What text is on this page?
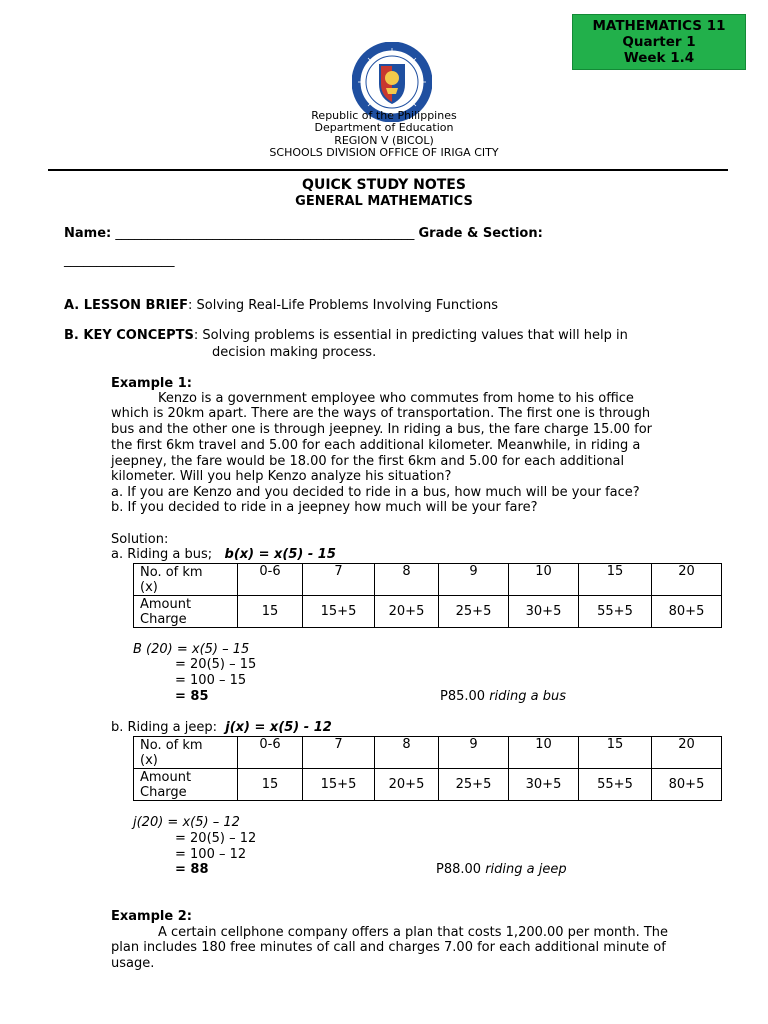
MATHEMATICS 11
Quarter 1
Week 1.4
Republic of the Philippines
Department of Education
REGION V (BICOL)
SCHOOLS DIVISION OFFICE OF IRIGA CITY
QUICK STUDY NOTES
GENERAL MATHEMATICS
Name: ______________________________________________ Grade & Section:
_________________
A. LESSON BRIEF: Solving Real-Life Problems Involving Functions
B. KEY CONCEPTS: Solving problems is essential in predicting values that will help in
decision making process.
Example 1:
Kenzo is a government employee who commutes from home to his office
which is 20km apart. There are the ways of transportation. The first one is through
bus and the other one is through jeepney. In riding a bus, the fare charge 15.00 for
the first 6km travel and 5.00 for each additional kilometer. Meanwhile, in riding a
jeepney, the fare would be 18.00 for the first 6km and 5.00 for each additional
kilometer. Will you help Kenzo analyze his situation?
a. If you are Kenzo and you decided to ride in a bus, how much will be your face?
b. If you decided to ride in a jeepney how much will be your fare?
Solution:
a. Riding a bus; b(x) = x(5) - 15
No. of km
(x)	0-6	7	8	9	10	15	20
Amount
Charge	15	15+5	20+5	25+5	30+5	55+5	80+5
B (20) = x(5) – 15
= 20(5) – 15
= 100 – 15
= 85	P85.00 riding a bus
b. Riding a jeep: j(x) = x(5) - 12
No. of km
(x)	0-6	7	8	9	10	15	20
Amount
Charge	15	15+5	20+5	25+5	30+5	55+5	80+5
j(20) = x(5) – 12
= 20(5) – 12
= 100 – 12
= 88	P88.00 riding a jeep
Example 2:
A certain cellphone company offers a plan that costs 1,200.00 per month. The
plan includes 180 free minutes of call and charges 7.00 for each additional minute of
usage.
